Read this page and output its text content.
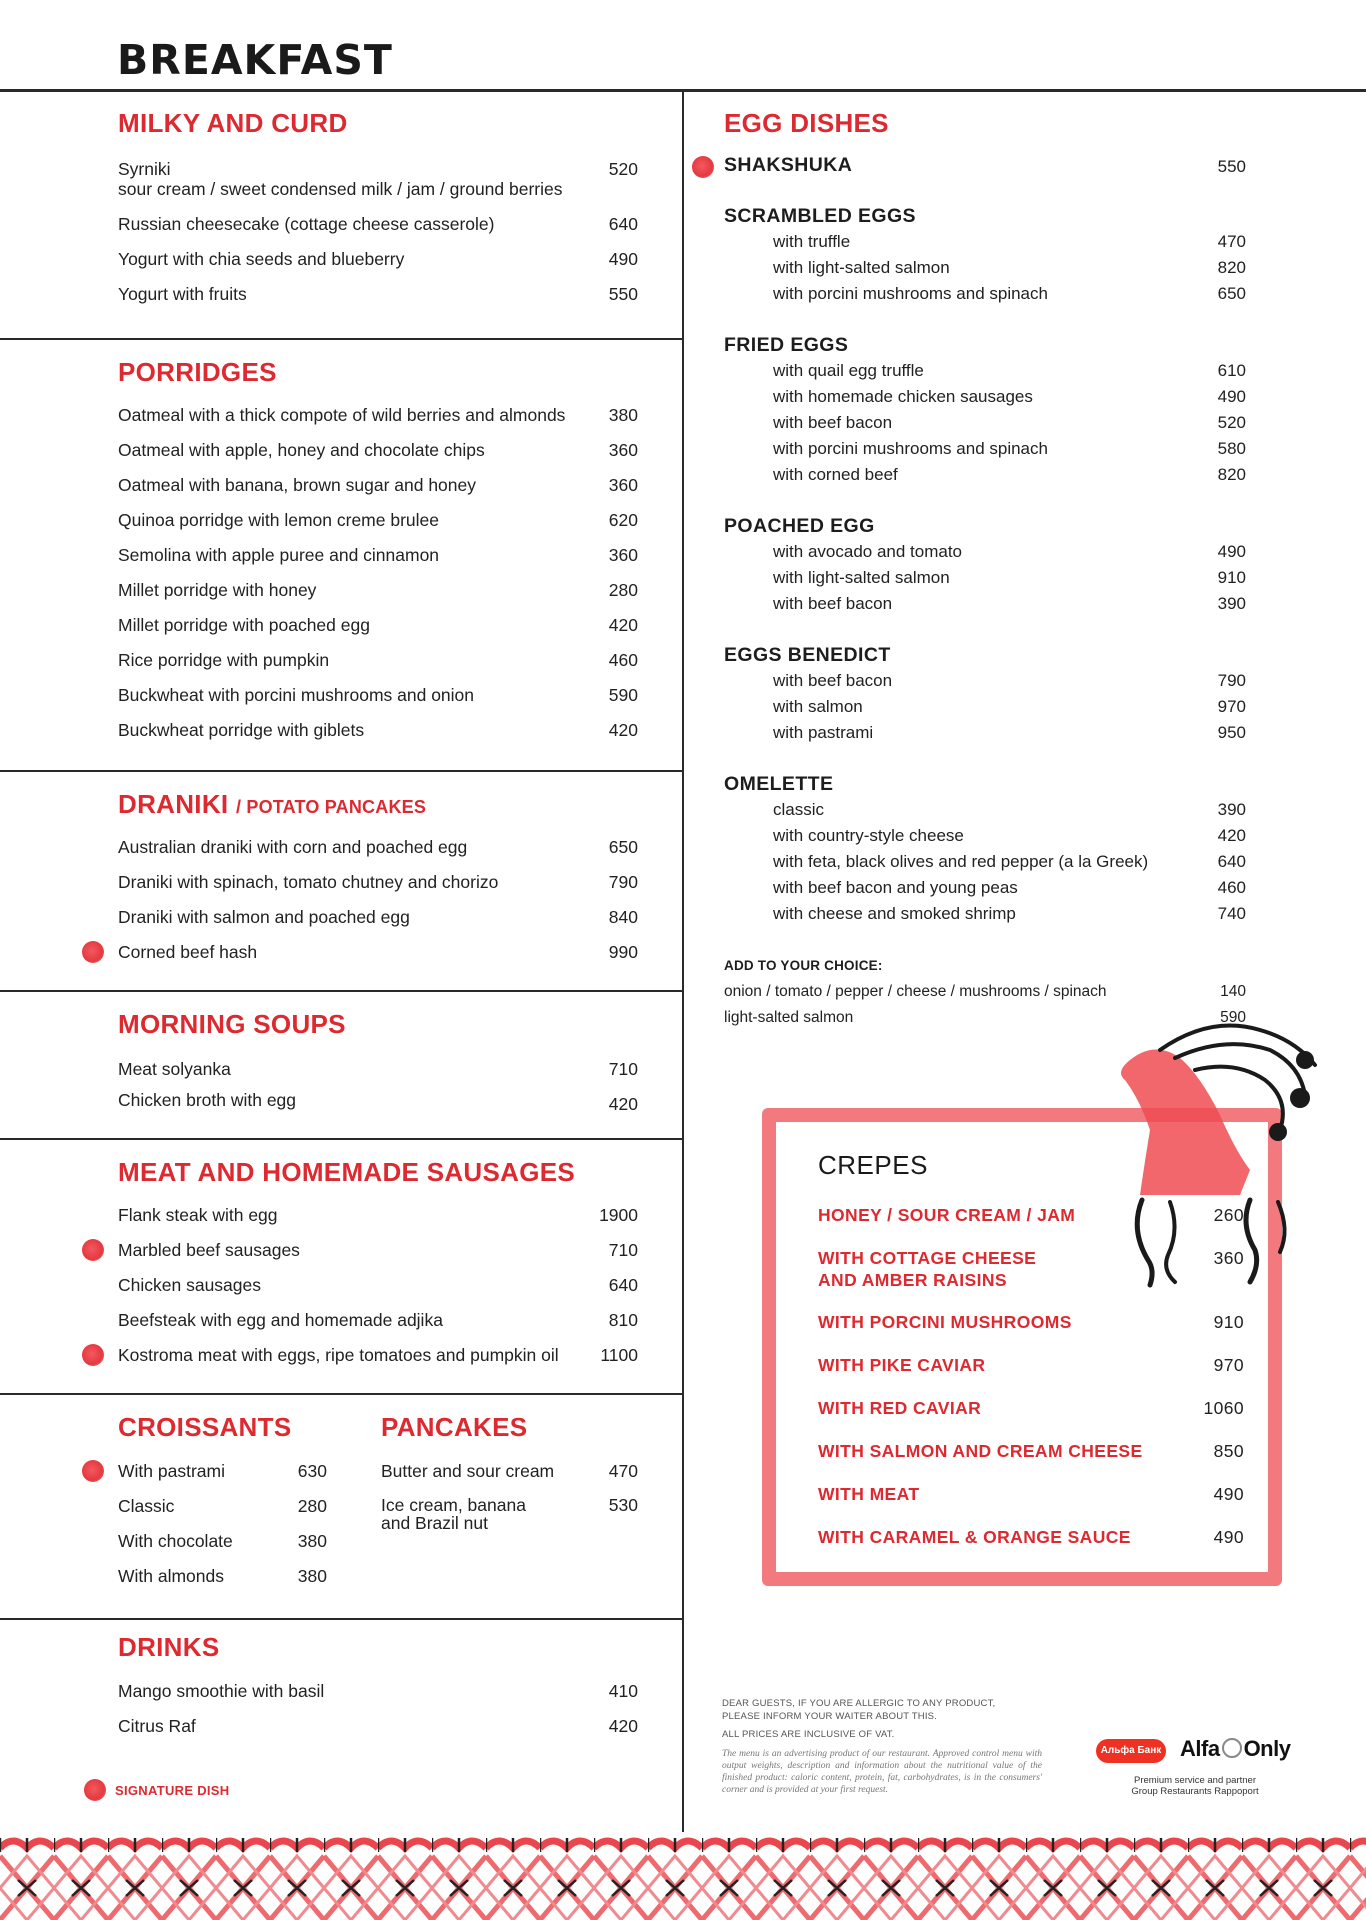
BREAKFAST
MILKY AND CURD
Syrniki
sour cream / sweet condensed milk / jam / ground berries
520
Russian cheesecake (cottage cheese casserole)	640
Yogurt with chia seeds and blueberry	490
Yogurt with fruits	550
PORRIDGES
Oatmeal with a thick compote of wild berries and almonds	380
Oatmeal with apple, honey and chocolate chips	360
Oatmeal with banana, brown sugar and honey	360
Quinoa porridge with lemon creme brulee	620
Semolina with apple puree and cinnamon	360
Millet porridge with honey	280
Millet porridge with poached egg	420
Rice porridge with pumpkin	460
Buckwheat with porcini mushrooms and onion	590
Buckwheat porridge with giblets	420
DRANIKI / POTATO PANCAKES
Australian draniki with corn and poached egg	650
Draniki with spinach, tomato chutney and chorizo	790
Draniki with salmon and poached egg	840
Corned beef hash	990
MORNING SOUPS
Meat solyanka	710
Chicken broth with egg	420
MEAT AND HOMEMADE SAUSAGES
Flank steak with egg	1900
Marbled beef sausages	710
Chicken sausages	640
Beefsteak with egg and homemade adjika	810
Kostroma meat with eggs, ripe tomatoes and pumpkin oil	1100
CROISSANTS
With pastrami	630
Classic	280
With chocolate	380
With almonds	380
PANCAKES
Butter and sour cream	470
Ice cream, banana
and Brazil nut
530
DRINKS
Mango smoothie with basil	410
Citrus Raf	420
SIGNATURE DISH
EGG DISHES
SHAKSHUKA	550
SCRAMBLED EGGS
with truffle	470
with light-salted salmon	820
with porcini mushrooms and spinach	650
FRIED EGGS
with quail egg truffle	610
with homemade chicken sausages	490
with beef bacon	520
with porcini mushrooms and spinach	580
with corned beef	820
POACHED EGG
with avocado and tomato	490
with light-salted salmon	910
with beef bacon	390
EGGS BENEDICT
with beef bacon	790
with salmon	970
with pastrami	950
OMELETTE
classic	390
with country-style cheese	420
with feta, black olives and red pepper (a la Greek)	640
with beef bacon and young peas	460
with cheese and smoked shrimp	740
ADD TO YOUR CHOICE:
onion / tomato / pepper / cheese / mushrooms / spinach	140
light-salted salmon	590
CREPES
HONEY / SOUR CREAM / JAM	260
WITH COTTAGE CHEESE
AND AMBER RAISINS
360
WITH PORCINI MUSHROOMS	910
WITH PIKE CAVIAR	970
WITH RED CAVIAR	1060
WITH SALMON AND CREAM CHEESE	850
WITH MEAT	490
WITH CARAMEL & ORANGE SAUCE	490
DEAR GUESTS, IF YOU ARE ALLERGIC TO ANY PRODUCT,
PLEASE INFORM YOUR WAITER ABOUT THIS.
ALL PRICES ARE INCLUSIVE OF VAT.
The menu is an advertising product of our restaurant. Approved control menu with output weights, description and information about the nutritional value of the finished product: caloric content, protein, fat, carbohydrates, is in the consumers' corner and is provided at your first request.
Альфа Банк Alfa Only
Premium service and partner
Group Restaurants Rappoport
